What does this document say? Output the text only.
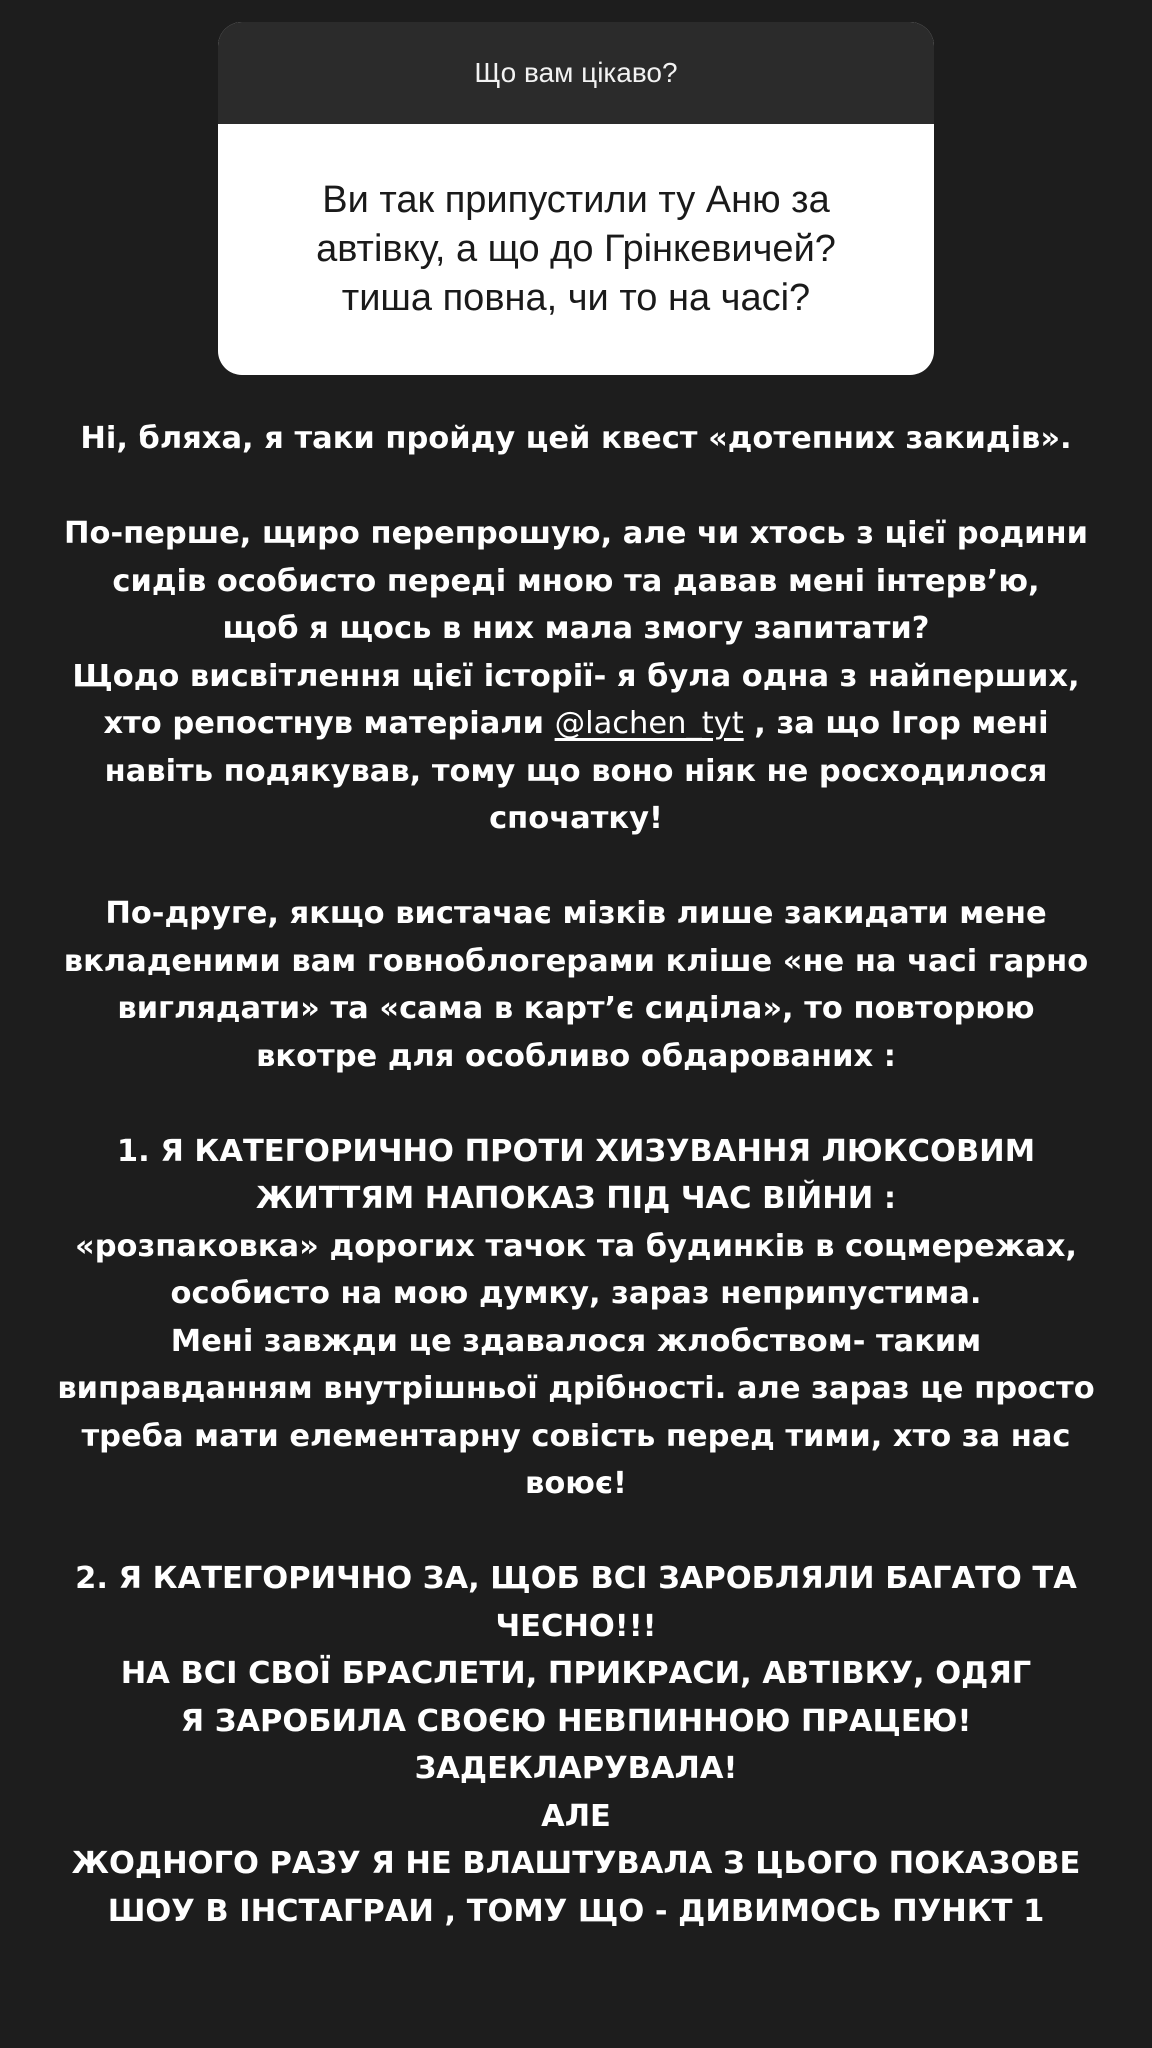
Що вам цікаво?
Ви так припустили ту Аню за
автівку, а що до Грінкевичей?
тиша повна, чи то на часі?
Ні, бляха, я таки пройду цей квест «дотепних закидів».
По-перше, щиро перепрошую, але чи хтось з цієї родини
сидів особисто переді мною та давав мені інтерв’ю,
щоб я щось в них мала змогу запитати?
Щодо висвітлення цієї історії- я була одна з найперших,
хто репостнув матеріали @lachen_tyt , за що Ігор мені
навіть подякував, тому що воно ніяк не росходилося
спочатку!
По-друге, якщо вистачає мізків лише закидати мене
вкладеними вам говноблогерами кліше «не на часі гарно
виглядати» та «сама в карт’є сиділа», то повторюю
вкотре для особливо обдарованих :
1. Я КАТЕГОРИЧНО ПРОТИ ХИЗУВАННЯ ЛЮКСОВИМ
ЖИТТЯМ НАПОКАЗ ПІД ЧАС ВІЙНИ :
«розпаковка» дорогих тачок та будинків в соцмережах,
особисто на мою думку, зараз неприпустима.
Мені завжди це здавалося жлобством- таким
виправданням внутрішньої дрібності. але зараз це просто
треба мати елементарну совість перед тими, хто за нас
воює!
2. Я КАТЕГОРИЧНО ЗА, ЩОБ ВСІ ЗАРОБЛЯЛИ БАГАТО ТА
ЧЕСНО!!!
НА ВСІ СВОЇ БРАСЛЕТИ, ПРИКРАСИ, АВТІВКУ, ОДЯГ
Я ЗАРОБИЛА СВОЄЮ НЕВПИННОЮ ПРАЦЕЮ!
ЗАДЕКЛАРУВАЛА!
АЛЕ
ЖОДНОГО РАЗУ Я НЕ ВЛАШТУВАЛА З ЦЬОГО ПОКАЗОВЕ
ШОУ В ІНСТАГРАИ , ТОМУ ЩО - ДИВИМОСЬ ПУНКТ 1
